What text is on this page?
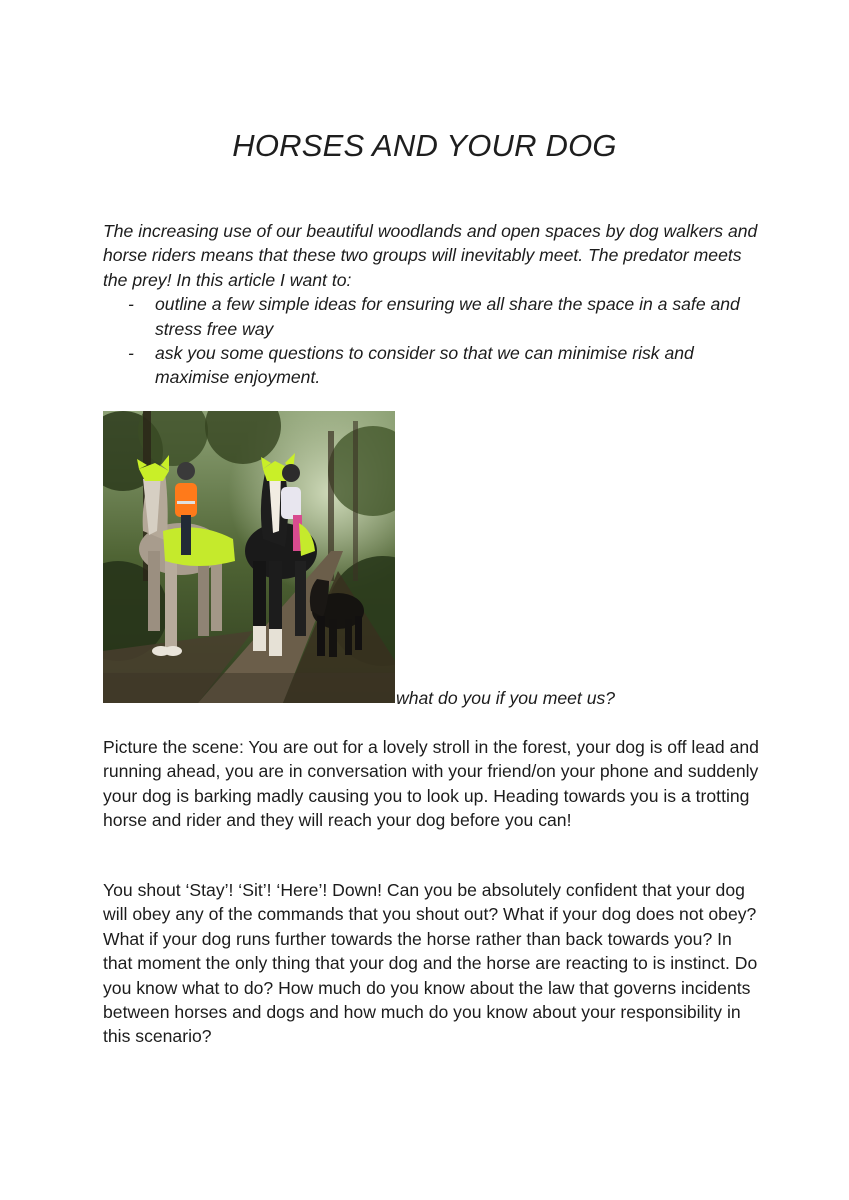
HORSES AND YOUR DOG

The increasing use of our beautiful woodlands and open spaces by dog walkers and horse riders means that these two groups will inevitably meet. The predator meets the prey! In this article I want to:

- outline a few simple ideas for ensuring we all share the space in a safe and stress free way
- ask you some questions to consider so that we can minimise risk and maximise enjoyment.
what do you if you meet us?

Picture the scene: You are out for a lovely stroll in the forest, your dog is off lead and running ahead, you are in conversation with your friend/on your phone and suddenly your dog is barking madly causing you to look up. Heading towards you is a trotting horse and rider and they will reach your dog before you can!

You shout ‘Stay’! ‘Sit’! ‘Here’! Down! Can you be absolutely confident that your dog will obey any of the commands that you shout out? What if your dog does not obey? What if your dog runs further towards the horse rather than back towards you? In that moment the only thing that your dog and the horse are reacting to is instinct. Do you know what to do? How much do you know about the law that governs incidents between horses and dogs and how much do you know about your responsibility in this scenario?
